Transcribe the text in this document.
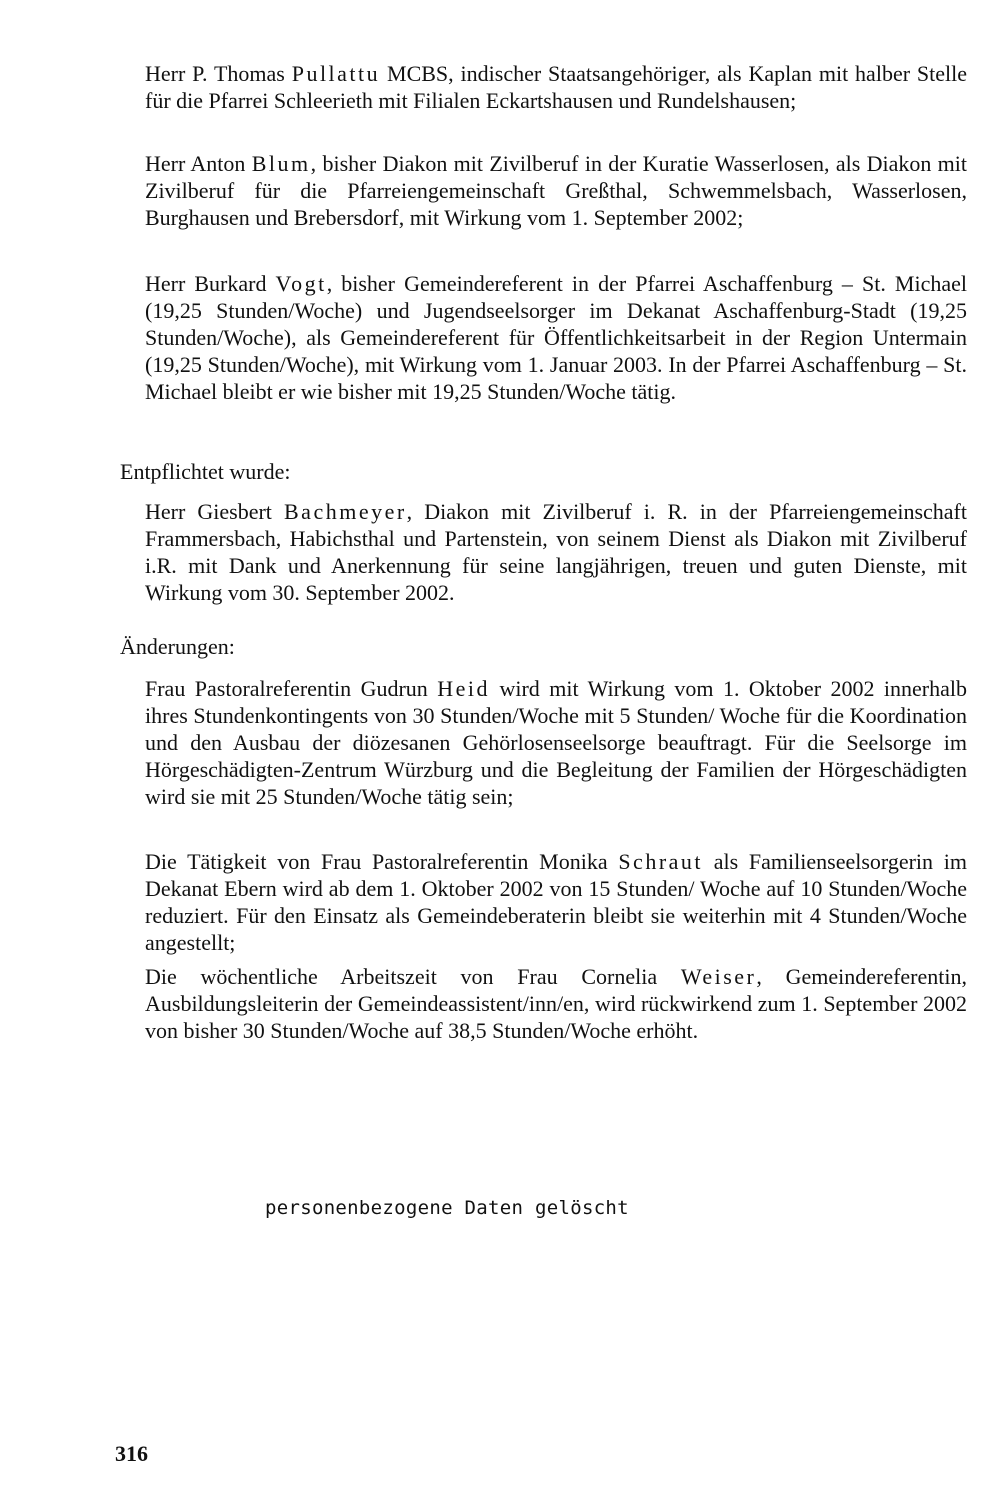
Herr P. Thomas Pullattu MCBS, indischer Staatsangehöriger, als Kaplan mit halber Stelle für die Pfarrei Schleerieth mit Filialen Eckartshausen und Rundelshausen;

Herr Anton Blum, bisher Diakon mit Zivilberuf in der Kuratie Wasserlosen, als Diakon mit Zivilberuf für die Pfarreiengemeinschaft Greßthal, Schwemmelsbach, Wasserlosen, Burghausen und Brebersdorf, mit Wirkung vom 1. September 2002;

Herr Burkard Vogt, bisher Gemeindereferent in der Pfarrei Aschaffenburg – St. Michael (19,25 Stunden/Woche) und Jugendseelsorger im Dekanat Aschaffenburg-Stadt (19,25 Stunden/Woche), als Gemeindereferent für Öffentlichkeitsarbeit in der Region Untermain (19,25 Stunden/Woche), mit Wirkung vom 1. Januar 2003. In der Pfarrei Aschaffenburg – St. Michael bleibt er wie bisher mit 19,25 Stunden/Woche tätig.

Entpflichtet wurde:

Herr Giesbert Bachmeyer, Diakon mit Zivilberuf i. R. in der Pfarreiengemeinschaft Frammersbach, Habichsthal und Partenstein, von seinem Dienst als Diakon mit Zivilberuf i.R. mit Dank und Anerkennung für seine langjährigen, treuen und guten Dienste, mit Wirkung vom 30. September 2002.

Änderungen:

Frau Pastoralreferentin Gudrun Heid wird mit Wirkung vom 1. Oktober 2002 innerhalb ihres Stundenkontingents von 30 Stunden/Woche mit 5 Stunden/ Woche für die Koordination und den Ausbau der diözesanen Gehörlosenseelsorge beauftragt. Für die Seelsorge im Hörgeschädigten-Zentrum Würzburg und die Begleitung der Familien der Hörgeschädigten wird sie mit 25 Stunden/Woche tätig sein;

Die Tätigkeit von Frau Pastoralreferentin Monika Schraut als Familienseelsorgerin im Dekanat Ebern wird ab dem 1. Oktober 2002 von 15 Stunden/ Woche auf 10 Stunden/Woche reduziert. Für den Einsatz als Gemeindeberaterin bleibt sie weiterhin mit 4 Stunden/Woche angestellt;

Die wöchentliche Arbeitszeit von Frau Cornelia Weiser, Gemeindereferentin, Ausbildungsleiterin der Gemeindeassistent/inn/en, wird rückwirkend zum 1. September 2002 von bisher 30 Stunden/Woche auf 38,5 Stunden/Woche erhöht.

personenbezogene Daten gelöscht
316
